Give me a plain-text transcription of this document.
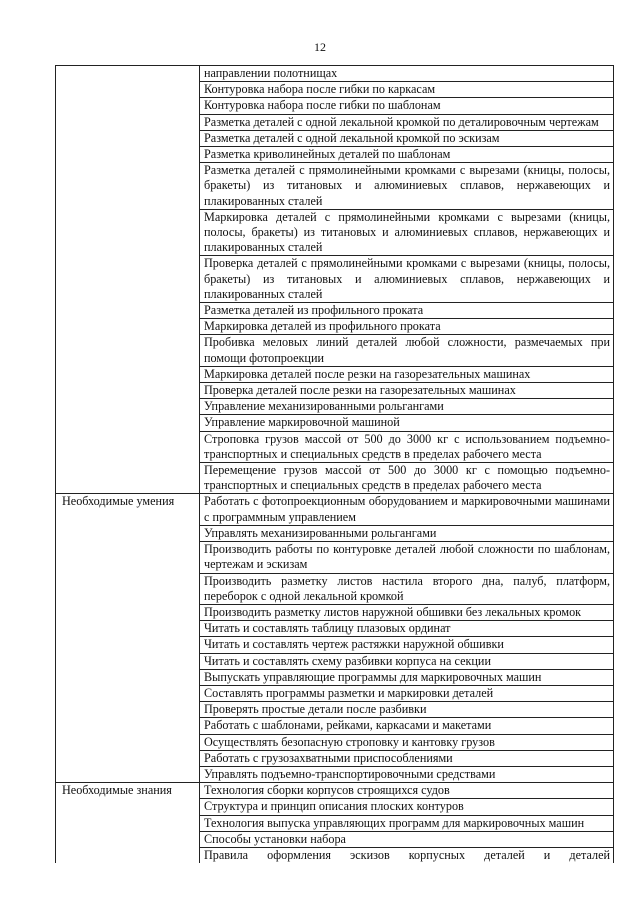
12
	направлении полотнищах
	Контуровка набора после гибки по каркасам
	Контуровка набора после гибки по шаблонам
	Разметка деталей с одной лекальной кромкой по деталировочным чертежам
	Разметка деталей с одной лекальной кромкой по эскизам
	Разметка криволинейных деталей по шаблонам
	Разметка деталей с прямолинейными кромками с вырезами (кницы, полосы, бракеты) из титановых и алюминиевых сплавов, нержавеющих и плакированных сталей
	Маркировка деталей с прямолинейными кромками с вырезами (кницы, полосы, бракеты) из титановых и алюминиевых сплавов, нержавеющих и плакированных сталей
	Проверка деталей с прямолинейными кромками с вырезами (кницы, полосы, бракеты) из титановых и алюминиевых сплавов, нержавеющих и плакированных сталей
	Разметка деталей из профильного проката
	Маркировка деталей из профильного проката
	Пробивка меловых линий деталей любой сложности, размечаемых при помощи фотопроекции
	Маркировка деталей после резки на газорезательных машинах
	Проверка деталей после резки на газорезательных машинах
	Управление механизированными рольгангами
	Управление маркировочной машиной
	Строповка грузов массой от 500 до 3000 кг с использованием подъемно-транспортных и специальных средств в пределах рабочего места
	Перемещение грузов массой от 500 до 3000 кг с помощью подъемно-транспортных и специальных средств в пределах рабочего места
Необходимые умения	Работать с фотопроекционным оборудованием и маркировочными машинами с программным управлением
	Управлять механизированными рольгангами
	Производить работы по контуровке деталей любой сложности по шаблонам, чертежам и эскизам
	Производить разметку листов настила второго дна, палуб, платформ, переборок с одной лекальной кромкой
	Производить разметку листов наружной обшивки без лекальных кромок
	Читать и составлять таблицу плазовых ординат
	Читать и составлять чертеж растяжки наружной обшивки
	Читать и составлять схему разбивки корпуса на секции
	Выпускать управляющие программы для маркировочных машин
	Составлять программы разметки и маркировки деталей
	Проверять простые детали после разбивки
	Работать с шаблонами, рейками, каркасами и макетами
	Осуществлять безопасную строповку и кантовку грузов
	Работать с грузозахватными приспособлениями
	Управлять подъемно-транспортировочными средствами
Необходимые знания	Технология сборки корпусов строящихся судов
	Структура и принцип описания плоских контуров
	Технология выпуска управляющих программ для маркировочных машин
	Способы установки набора
	Правила оформления эскизов корпусных деталей и деталей
